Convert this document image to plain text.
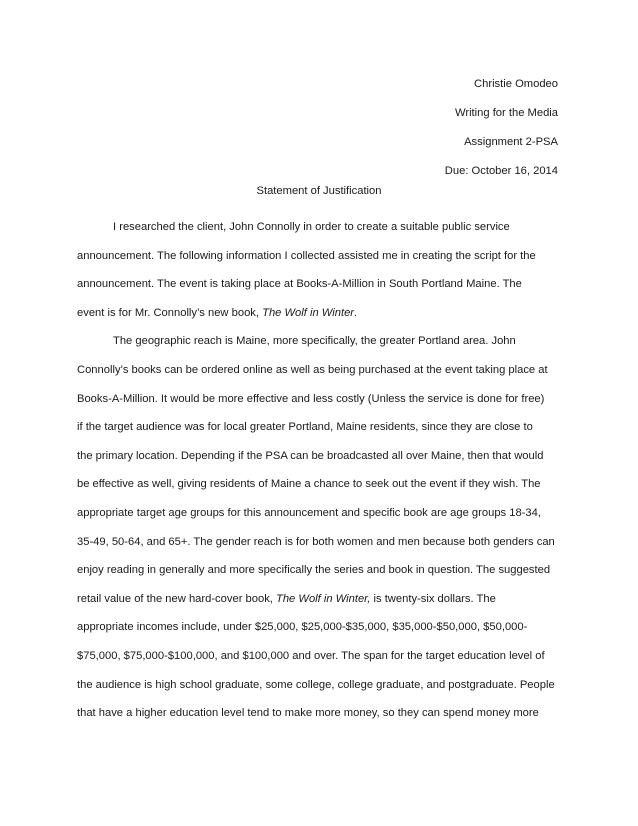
Christie Omodeo
Writing for the Media
Assignment 2-PSA
Due: October 16, 2014
Statement of Justification
I researched the client, John Connolly in order to create a suitable public service
announcement. The following information I collected assisted me in creating the script for the
announcement. The event is taking place at Books-A-Million in South Portland Maine. The
event is for Mr. Connolly’s new book, The Wolf in Winter.
The geographic reach is Maine, more specifically, the greater Portland area. John
Connolly’s books can be ordered online as well as being purchased at the event taking place at
Books-A-Million. It would be more effective and less costly (Unless the service is done for free)
if the target audience was for local greater Portland, Maine residents, since they are close to
the primary location. Depending if the PSA can be broadcasted all over Maine, then that would
be effective as well, giving residents of Maine a chance to seek out the event if they wish. The
appropriate target age groups for this announcement and specific book are age groups 18-34,
35-49, 50-64, and 65+. The gender reach is for both women and men because both genders can
enjoy reading in generally and more specifically the series and book in question. The suggested
retail value of the new hard-cover book, The Wolf in Winter, is twenty-six dollars. The
appropriate incomes include, under $25,000, $25,000-$35,000, $35,000-$50,000, $50,000-
$75,000, $75,000-$100,000, and $100,000 and over. The span for the target education level of
the audience is high school graduate, some college, college graduate, and postgraduate. People
that have a higher education level tend to make more money, so they can spend money more
